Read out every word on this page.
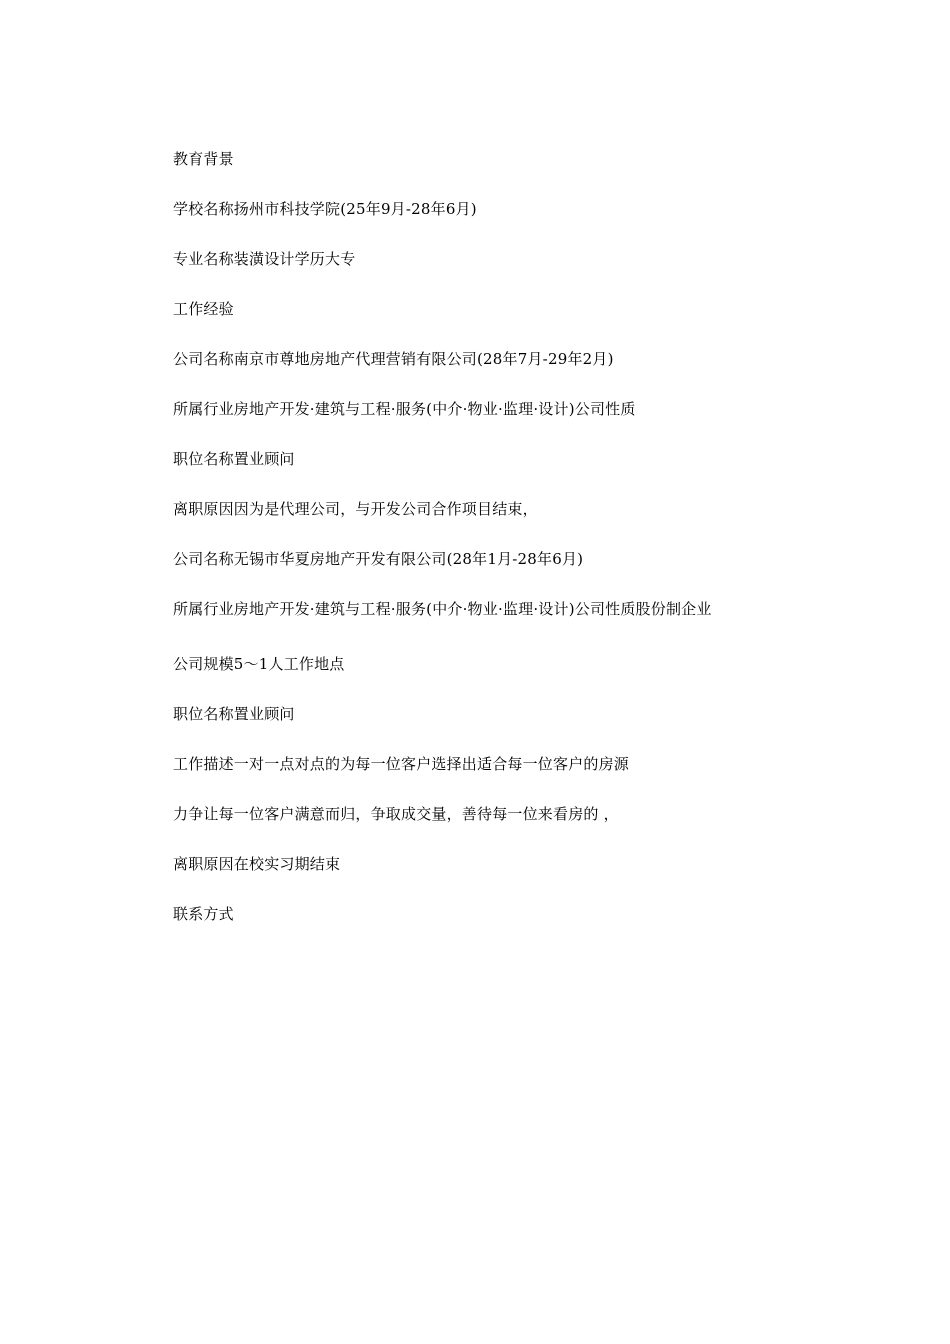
教育背景

学校名称扬州市科技学院(25年9月-28年6月)

专业名称装潢设计学历大专

工作经验

公司名称南京市尊地房地产代理营销有限公司(28年7月-29年2月)

所属行业房地产开发·建筑与工程·服务(中介·物业·监理·设计)公司性质

职位名称置业顾问

离职原因因为是代理公司，与开发公司合作项目结束，

公司名称无锡市华夏房地产开发有限公司(28年1月-28年6月)

所属行业房地产开发·建筑与工程·服务(中介·物业·监理·设计)公司性质股份制企业

公司规模5～1人工作地点

职位名称置业顾问

工作描述一对一点对点的为每一位客户选择出适合每一位客户的房源

力争让每一位客户满意而归，争取成交量，善待每一位来看房的 ，

离职原因在校实习期结束

联系方式
